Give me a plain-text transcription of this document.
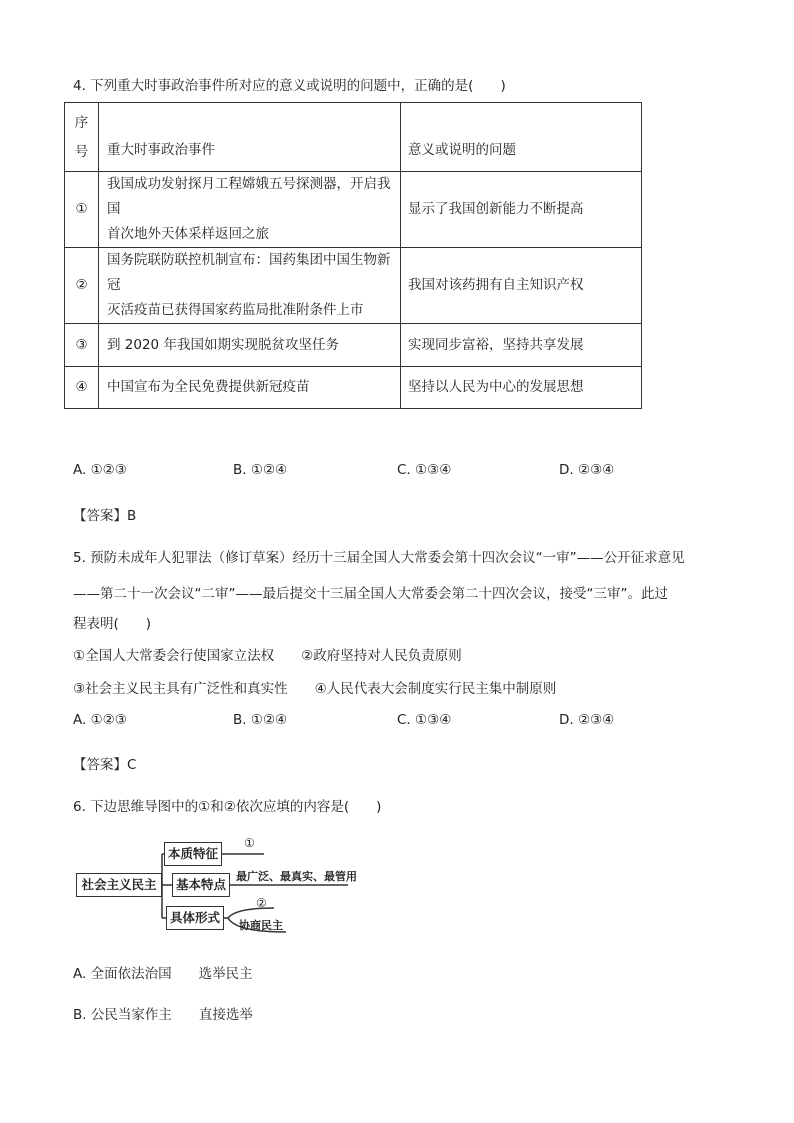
4. 下列重大时事政治事件所对应的意义或说明的问题中，正确的是(　　)
序号	重大时事政治事件	意义或说明的问题
①	我国成功发射探月工程嫦娥五号探测器，开启我国
首次地外天体采样返回之旅	显示了我国创新能力不断提高
②	国务院联防联控机制宣布：国药集团中国生物新冠
灭活疫苗已获得国家药监局批准附条件上市	我国对该药拥有自主知识产权
③	到 2020 年我国如期实现脱贫攻坚任务	实现同步富裕，坚持共享发展
④	中国宣布为全民免费提供新冠疫苗	坚持以人民为中心的发展思想
A. ①②③	B. ①②④	C. ①③④	D. ②③④
【答案】B
5. 预防未成年人犯罪法（修订草案）经历十三届全国人大常委会第十四次会议“一审”——公开征求意见
——第二十一次会议“二审”——最后提交十三届全国人大常委会第二十四次会议，接受“三审”。此过
程表明(　　)
①全国人大常委会行使国家立法权　　②政府坚持对人民负责原则
③社会主义民主具有广泛性和真实性　　④人民代表大会制度实行民主集中制原则
A. ①②③	B. ①②④	C. ①③④	D. ②③④
【答案】C
6. 下边思维导图中的①和②依次应填的内容是(　　)
社会主义民主
本质特征
基本特点
具体形式
①
最广泛、最真实、最管用
②
协商民主
A. 全面依法治国　　选举民主
B. 公民当家作主　　直接选举
